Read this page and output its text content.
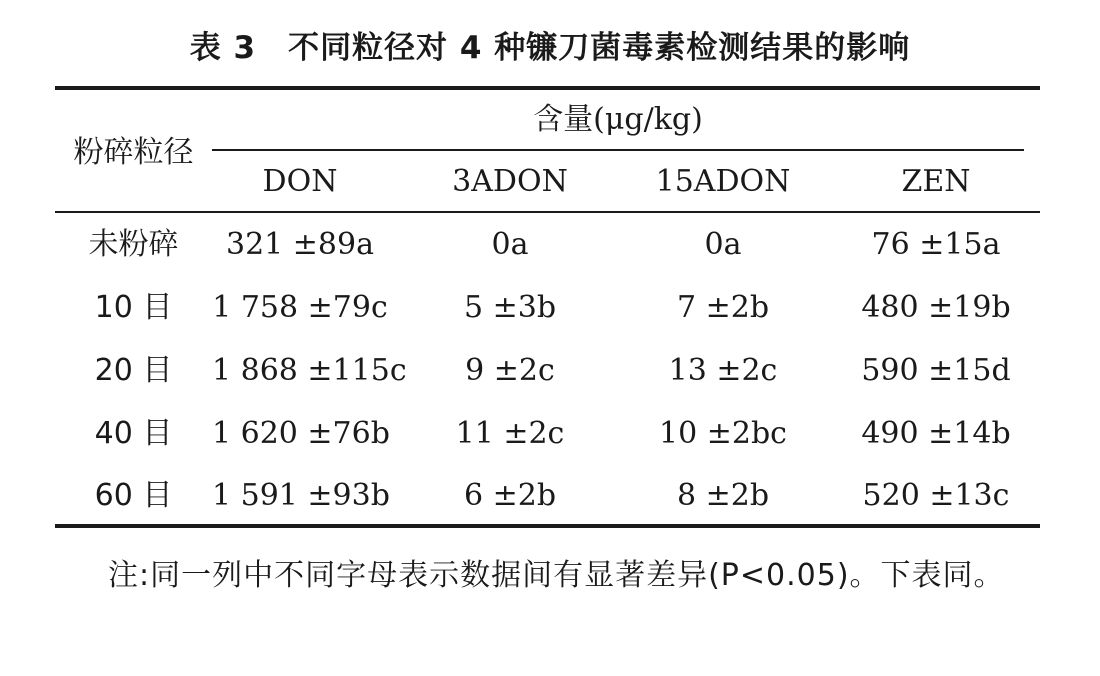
表 3　不同粒径对 4 种镰刀菌毒素检测结果的影响
粉碎粒径
含量(μg/kg)
DON	3ADON	15ADON	ZEN
未粉碎	321 ±89a	0a	0a	76 ±15a
10 目	1 758 ±79c	5 ±3b	7 ±2b	480 ±19b
20 目	1 868 ±115c	9 ±2c	13 ±2c	590 ±15d
40 目	1 620 ±76b	11 ±2c	10 ±2bc	490 ±14b
60 目	1 591 ±93b	6 ±2b	8 ±2b	520 ±13c
注:同一列中不同字母表示数据间有显著差异(P<0.05)。下表同。
